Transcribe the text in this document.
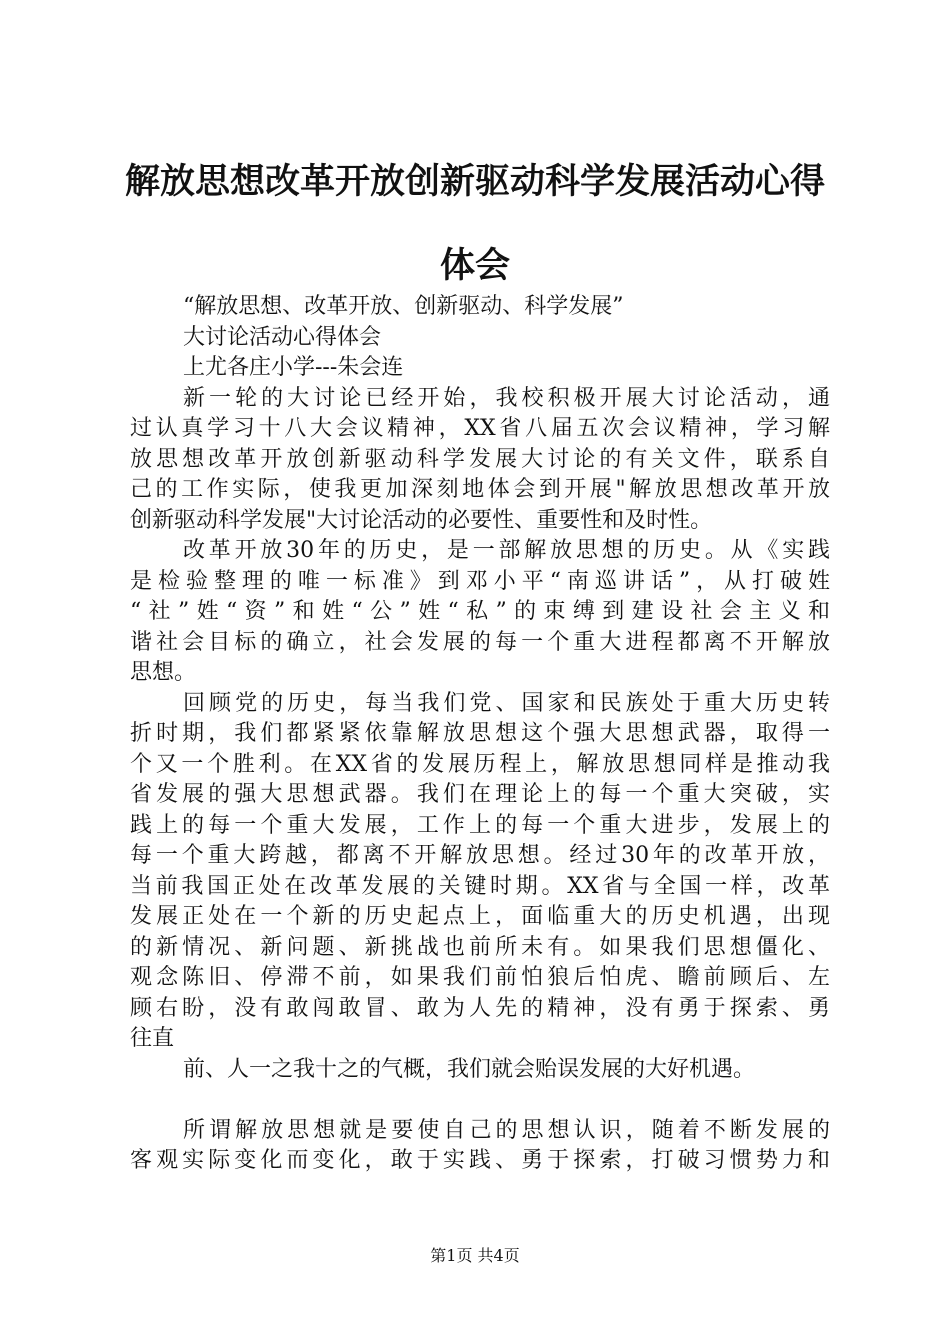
解放思想改革开放创新驱动科学发展活动心得
体会
“解放思想、改革开放、创新驱动、科学发展”
大讨论活动心得体会
上尤各庄小学---朱会连
新一轮的大讨论已经开始，我校积极开展大讨论活动，通
过认真学习十八大会议精神，XX省八届五次会议精神，学习解
放思想改革开放创新驱动科学发展大讨论的有关文件，联系自
己的工作实际，使我更加深刻地体会到开展"解放思想改革开放
创新驱动科学发展"大讨论活动的必要性、重要性和及时性。
改革开放30年的历史，是一部解放思想的历史。从《实践
是检验整理的唯一标准》到邓小平“南巡讲话”，从打破姓
“社”姓“资”和姓“公”姓“私”的束缚到建设社会主义和
谐社会目标的确立，社会发展的每一个重大进程都离不开解放
思想。
回顾党的历史，每当我们党、国家和民族处于重大历史转
折时期，我们都紧紧依靠解放思想这个强大思想武器，取得一
个又一个胜利。在XX省的发展历程上，解放思想同样是推动我
省发展的强大思想武器。我们在理论上的每一个重大突破，实
践上的每一个重大发展，工作上的每一个重大进步，发展上的
每一个重大跨越，都离不开解放思想。经过30年的改革开放，
当前我国正处在改革发展的关键时期。XX省与全国一样，改革
发展正处在一个新的历史起点上，面临重大的历史机遇，出现
的新情况、新问题、新挑战也前所未有。如果我们思想僵化、
观念陈旧、停滞不前，如果我们前怕狼后怕虎、瞻前顾后、左
顾右盼，没有敢闯敢冒、敢为人先的精神，没有勇于探索、勇
往直
前、人一之我十之的气概，我们就会贻误发展的大好机遇。
所谓解放思想就是要使自己的思想认识，随着不断发展的
客观实际变化而变化，敢于实践、勇于探索，打破习惯势力和
第1页 共4页
